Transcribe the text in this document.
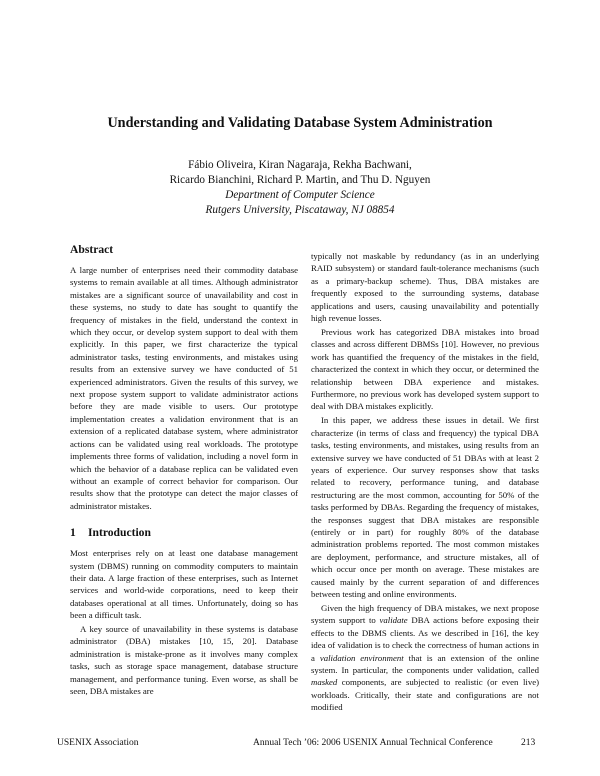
Understanding and Validating Database System Administration
Fábio Oliveira, Kiran Nagaraja, Rekha Bachwani,
Ricardo Bianchini, Richard P. Martin, and Thu D. Nguyen
Department of Computer Science
Rutgers University, Piscataway, NJ 08854
Abstract

A large number of enterprises need their commodity database systems to remain available at all times. Although administrator mistakes are a significant source of unavailability and cost in these systems, no study to date has sought to quantify the frequency of mistakes in the field, understand the context in which they occur, or develop system support to deal with them explicitly. In this paper, we first characterize the typical administrator tasks, testing environments, and mistakes using results from an extensive survey we have conducted of 51 experienced administrators. Given the results of this survey, we next propose system support to validate administrator actions before they are made visible to users. Our prototype implementation creates a validation environment that is an extension of a replicated database system, where administrator actions can be validated using real workloads. The prototype implements three forms of validation, including a novel form in which the behavior of a database replica can be validated even without an example of correct behavior for comparison. Our results show that the prototype can detect the major classes of administrator mistakes.

1 Introduction

Most enterprises rely on at least one database management system (DBMS) running on commodity computers to maintain their data. A large fraction of these enterprises, such as Internet services and world-wide corporations, need to keep their databases operational at all times. Unfortunately, doing so has been a difficult task.

A key source of unavailability in these systems is database administrator (DBA) mistakes [10, 15, 20]. Database administration is mistake-prone as it involves many complex tasks, such as storage space management, database structure management, and performance tuning. Even worse, as shall be seen, DBA mistakes are

typically not maskable by redundancy (as in an underlying RAID subsystem) or standard fault-tolerance mechanisms (such as a primary-backup scheme). Thus, DBA mistakes are frequently exposed to the surrounding systems, database applications and users, causing unavailability and potentially high revenue losses.

Previous work has categorized DBA mistakes into broad classes and across different DBMSs [10]. However, no previous work has quantified the frequency of the mistakes in the field, characterized the context in which they occur, or determined the relationship between DBA experience and mistakes. Furthermore, no previous work has developed system support to deal with DBA mistakes explicitly.

In this paper, we address these issues in detail. We first characterize (in terms of class and frequency) the typical DBA tasks, testing environments, and mistakes, using results from an extensive survey we have conducted of 51 DBAs with at least 2 years of experience. Our survey responses show that tasks related to recovery, performance tuning, and database restructuring are the most common, accounting for 50% of the tasks performed by DBAs. Regarding the frequency of mistakes, the responses suggest that DBA mistakes are responsible (entirely or in part) for roughly 80% of the database administration problems reported. The most common mistakes are deployment, performance, and structure mistakes, all of which occur once per month on average. These mistakes are caused mainly by the current separation of and differences between testing and online environments.

Given the high frequency of DBA mistakes, we next propose system support to validate DBA actions before exposing their effects to the DBMS clients. As we described in [16], the key idea of validation is to check the correctness of human actions in a validation environment that is an extension of the online system. In particular, the components under validation, called masked components, are subjected to realistic (or even live) workloads. Critically, their state and configurations are not modified

USENIX Association	Annual Tech ’06: 2006 USENIX Annual Technical Conference	213
